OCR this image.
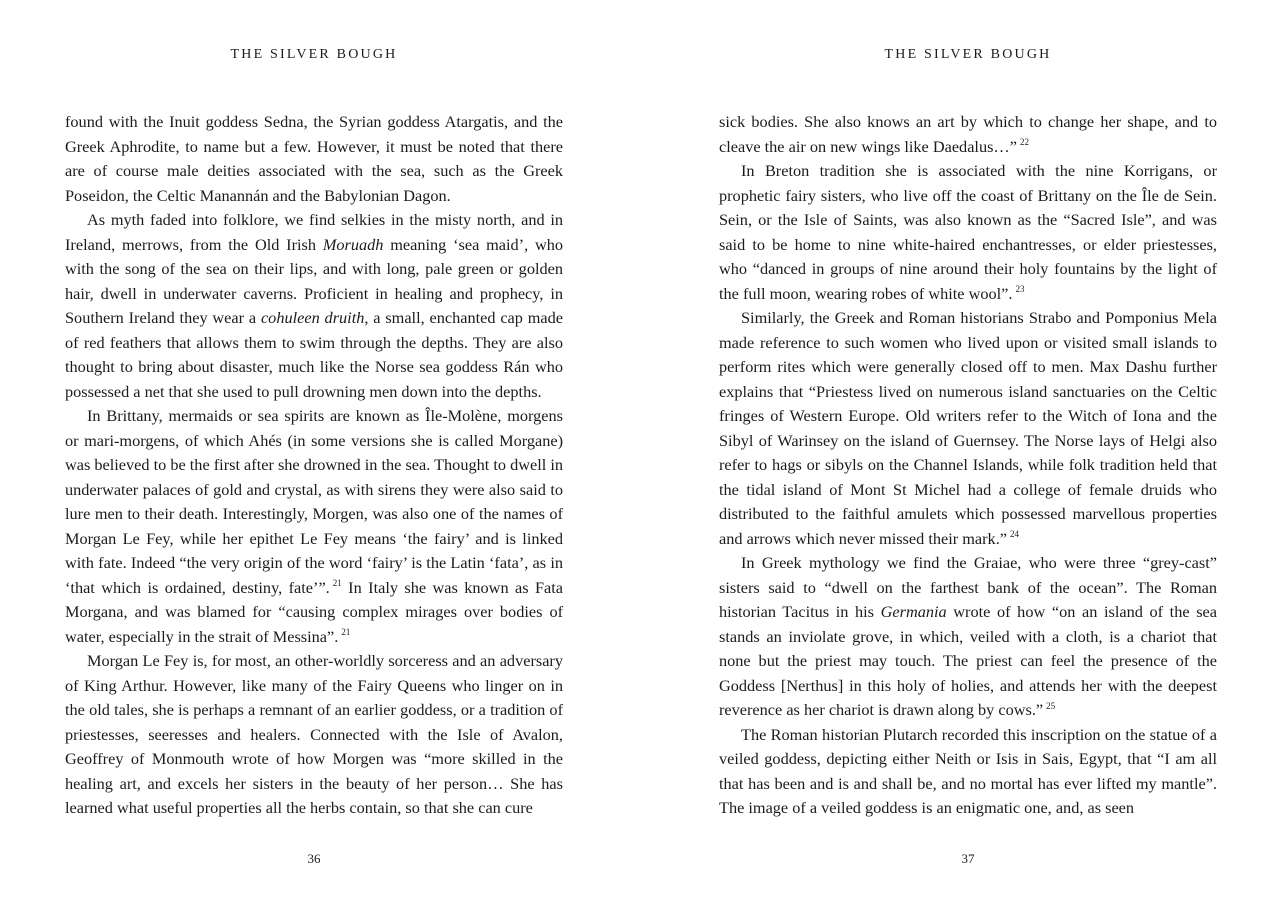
THE SILVER BOUGH

found with the Inuit goddess Sedna, the Syrian goddess Atargatis, and the Greek Aphrodite, to name but a few. However, it must be noted that there are of course male deities associated with the sea, such as the Greek Poseidon, the Celtic Manannán and the Babylonian Dagon.

As myth faded into folklore, we find selkies in the misty north, and in Ireland, merrows, from the Old Irish Moruadh meaning ‘sea maid’, who with the song of the sea on their lips, and with long, pale green or golden hair, dwell in underwater caverns. Proficient in healing and prophecy, in Southern Ireland they wear a cohuleen druith, a small, enchanted cap made of red feathers that allows them to swim through the depths. They are also thought to bring about disaster, much like the Norse sea goddess Rán who possessed a net that she used to pull drowning men down into the depths.

In Brittany, mermaids or sea spirits are known as Île-Molène, morgens or mari-morgens, of which Ahés (in some versions she is called Morgane) was believed to be the first after she drowned in the sea. Thought to dwell in underwater palaces of gold and crystal, as with sirens they were also said to lure men to their death. Interestingly, Morgen, was also one of the names of Morgan Le Fey, while her epithet Le Fey means ‘the fairy’ and is linked with fate. Indeed “the very origin of the word ‘fairy’ is the Latin ‘fata’, as in ‘that which is ordained, destiny, fate’”. $^{21}$ In Italy she was known as Fata Morgana, and was blamed for “causing complex mirages over bodies of water, especially in the strait of Messina”. $^{21}$

Morgan Le Fey is, for most, an other-worldly sorceress and an adversary of King Arthur. However, like many of the Fairy Queens who linger on in the old tales, she is perhaps a remnant of an earlier goddess, or a tradition of priestesses, seeresses and healers. Connected with the Isle of Avalon, Geoffrey of Monmouth wrote of how Morgen was “more skilled in the healing art, and excels her sisters in the beauty of her person… She has learned what useful properties all the herbs contain, so that she can cure

36
THE SILVER BOUGH

sick bodies. She also knows an art by which to change her shape, and to cleave the air on new wings like Daedalus…” $^{22}$

In Breton tradition she is associated with the nine Korrigans, or prophetic fairy sisters, who live off the coast of Brittany on the Île de Sein. Sein, or the Isle of Saints, was also known as the “Sacred Isle”, and was said to be home to nine white-haired enchantresses, or elder priestesses, who “danced in groups of nine around their holy fountains by the light of the full moon, wearing robes of white wool”. $^{23}$

Similarly, the Greek and Roman historians Strabo and Pomponius Mela made reference to such women who lived upon or visited small islands to perform rites which were generally closed off to men. Max Dashu further explains that “Priestess lived on numerous island sanctuaries on the Celtic fringes of Western Europe. Old writers refer to the Witch of Iona and the Sibyl of Warinsey on the island of Guernsey. The Norse lays of Helgi also refer to hags or sibyls on the Channel Islands, while folk tradition held that the tidal island of Mont St Michel had a college of female druids who distributed to the faithful amulets which possessed marvellous properties and arrows which never missed their mark.” $^{24}$

In Greek mythology we find the Graiae, who were three “grey-cast” sisters said to “dwell on the farthest bank of the ocean”. The Roman historian Tacitus in his Germania wrote of how “on an island of the sea stands an inviolate grove, in which, veiled with a cloth, is a chariot that none but the priest may touch. The priest can feel the presence of the Goddess [Nerthus] in this holy of holies, and attends her with the deepest reverence as her chariot is drawn along by cows.” $^{25}$

The Roman historian Plutarch recorded this inscription on the statue of a veiled goddess, depicting either Neith or Isis in Sais, Egypt, that “I am all that has been and is and shall be, and no mortal has ever lifted my mantle”. The image of a veiled goddess is an enigmatic one, and, as seen

37
